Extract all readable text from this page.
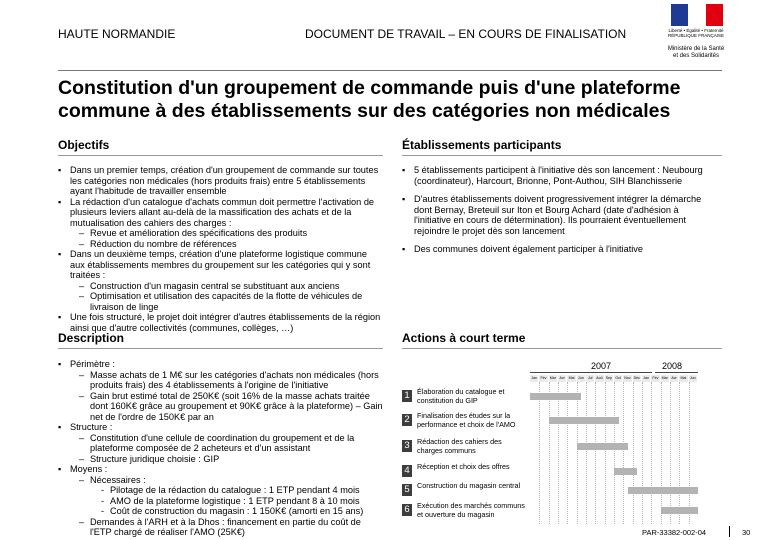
HAUTE NORMANDIE	DOCUMENT DE TRAVAIL – EN COURS DE FINALISATION	Liberté • Égalité • Fraternité RÉPUBLIQUE FRANÇAISE
Ministère de la Santé et des Solidarités
Constitution d'un groupement de commande puis d'une plateforme commune à des établissements sur des catégories non médicales
Objectifs
▪ Dans un premier temps, création d'un groupement de commande sur toutes les catégories non médicales (hors produits frais) entre 5 établissements ayant l'habitude de travailler ensemble
▪ La rédaction d'un catalogue d'achats commun doit permettre l'activation de plusieurs leviers allant au-delà de la massification des achats et de la mutualisation des cahiers des charges :
– Revue et amélioration des spécifications des produits
– Réduction du nombre de références
▪ Dans un deuxième temps, création d'une plateforme logistique commune aux établissements membres du groupement sur les catégories qui y sont traitées :
– Construction d'un magasin central se substituant aux anciens
– Optimisation et utilisation des capacités de la flotte de véhicules de livraison de linge
▪ Une fois structuré, le projet doit intégrer d'autres établissements de la région ainsi que d'autre collectivités (communes, collèges, …)
Établissements participants
▪ 5 établissements participent à l'initiative dès son lancement : Neubourg (coordinateur), Harcourt, Brionne, Pont-Authou, SIH Blanchisserie
▪ D'autres établissements doivent progressivement intégrer la démarche dont Bernay, Breteuil sur Iton et Bourg Achard (date d'adhésion à l'initiative en cours de détermination). Ils pourraient éventuellement rejoindre le projet dès son lancement
▪ Des communes doivent également participer à l'initiative
Description
▪ Périmètre :
– Masse achats de 1 M€ sur les catégories d'achats non médicales (hors produits frais) des 4 établissements à l'origine de l'initiative
– Gain brut estimé total de 250K€ (soit 16% de la masse achats traitée dont 160K€ grâce au groupement et 90K€ grâce à la plateforme) – Gain net de l'ordre de 150K€ par an
▪ Structure :
– Constitution d'une cellule de coordination du groupement et de la plateforme composée de 2 acheteurs et d'un assistant
– Structure juridique choisie : GIP
▪ Moyens :
– Nécessaires :
- Pilotage de la rédaction du catalogue : 1 ETP pendant 4 mois
- AMO de la plateforme logistique : 1 ETP pendant 8 à 10 mois
- Coût de construction du magasin : 1 150K€ (amorti en 15 ans)
– Demandes à l'ARH et à la Dhos : financement en partie du coût de l'ETP chargé de réaliser l'AMO (25K€)
Actions à court terme
2007	2008
Jan Fév Mar Avr	Mai Jun	Jul	Aoû Sep Oct Nov Déc Jan Fév Mar Avr	Mai Jun
1	Élaboration du catalogue et constitution du GIP
2	Finalisation des études sur la performance et choix de l'AMO
3	Rédaction des cahiers des charges communs
4	Réception et choix des offres
5	Construction du magasin central
6	Exécution des marchés communs et ouverture du magasin
PAR-33382-002-04	30
